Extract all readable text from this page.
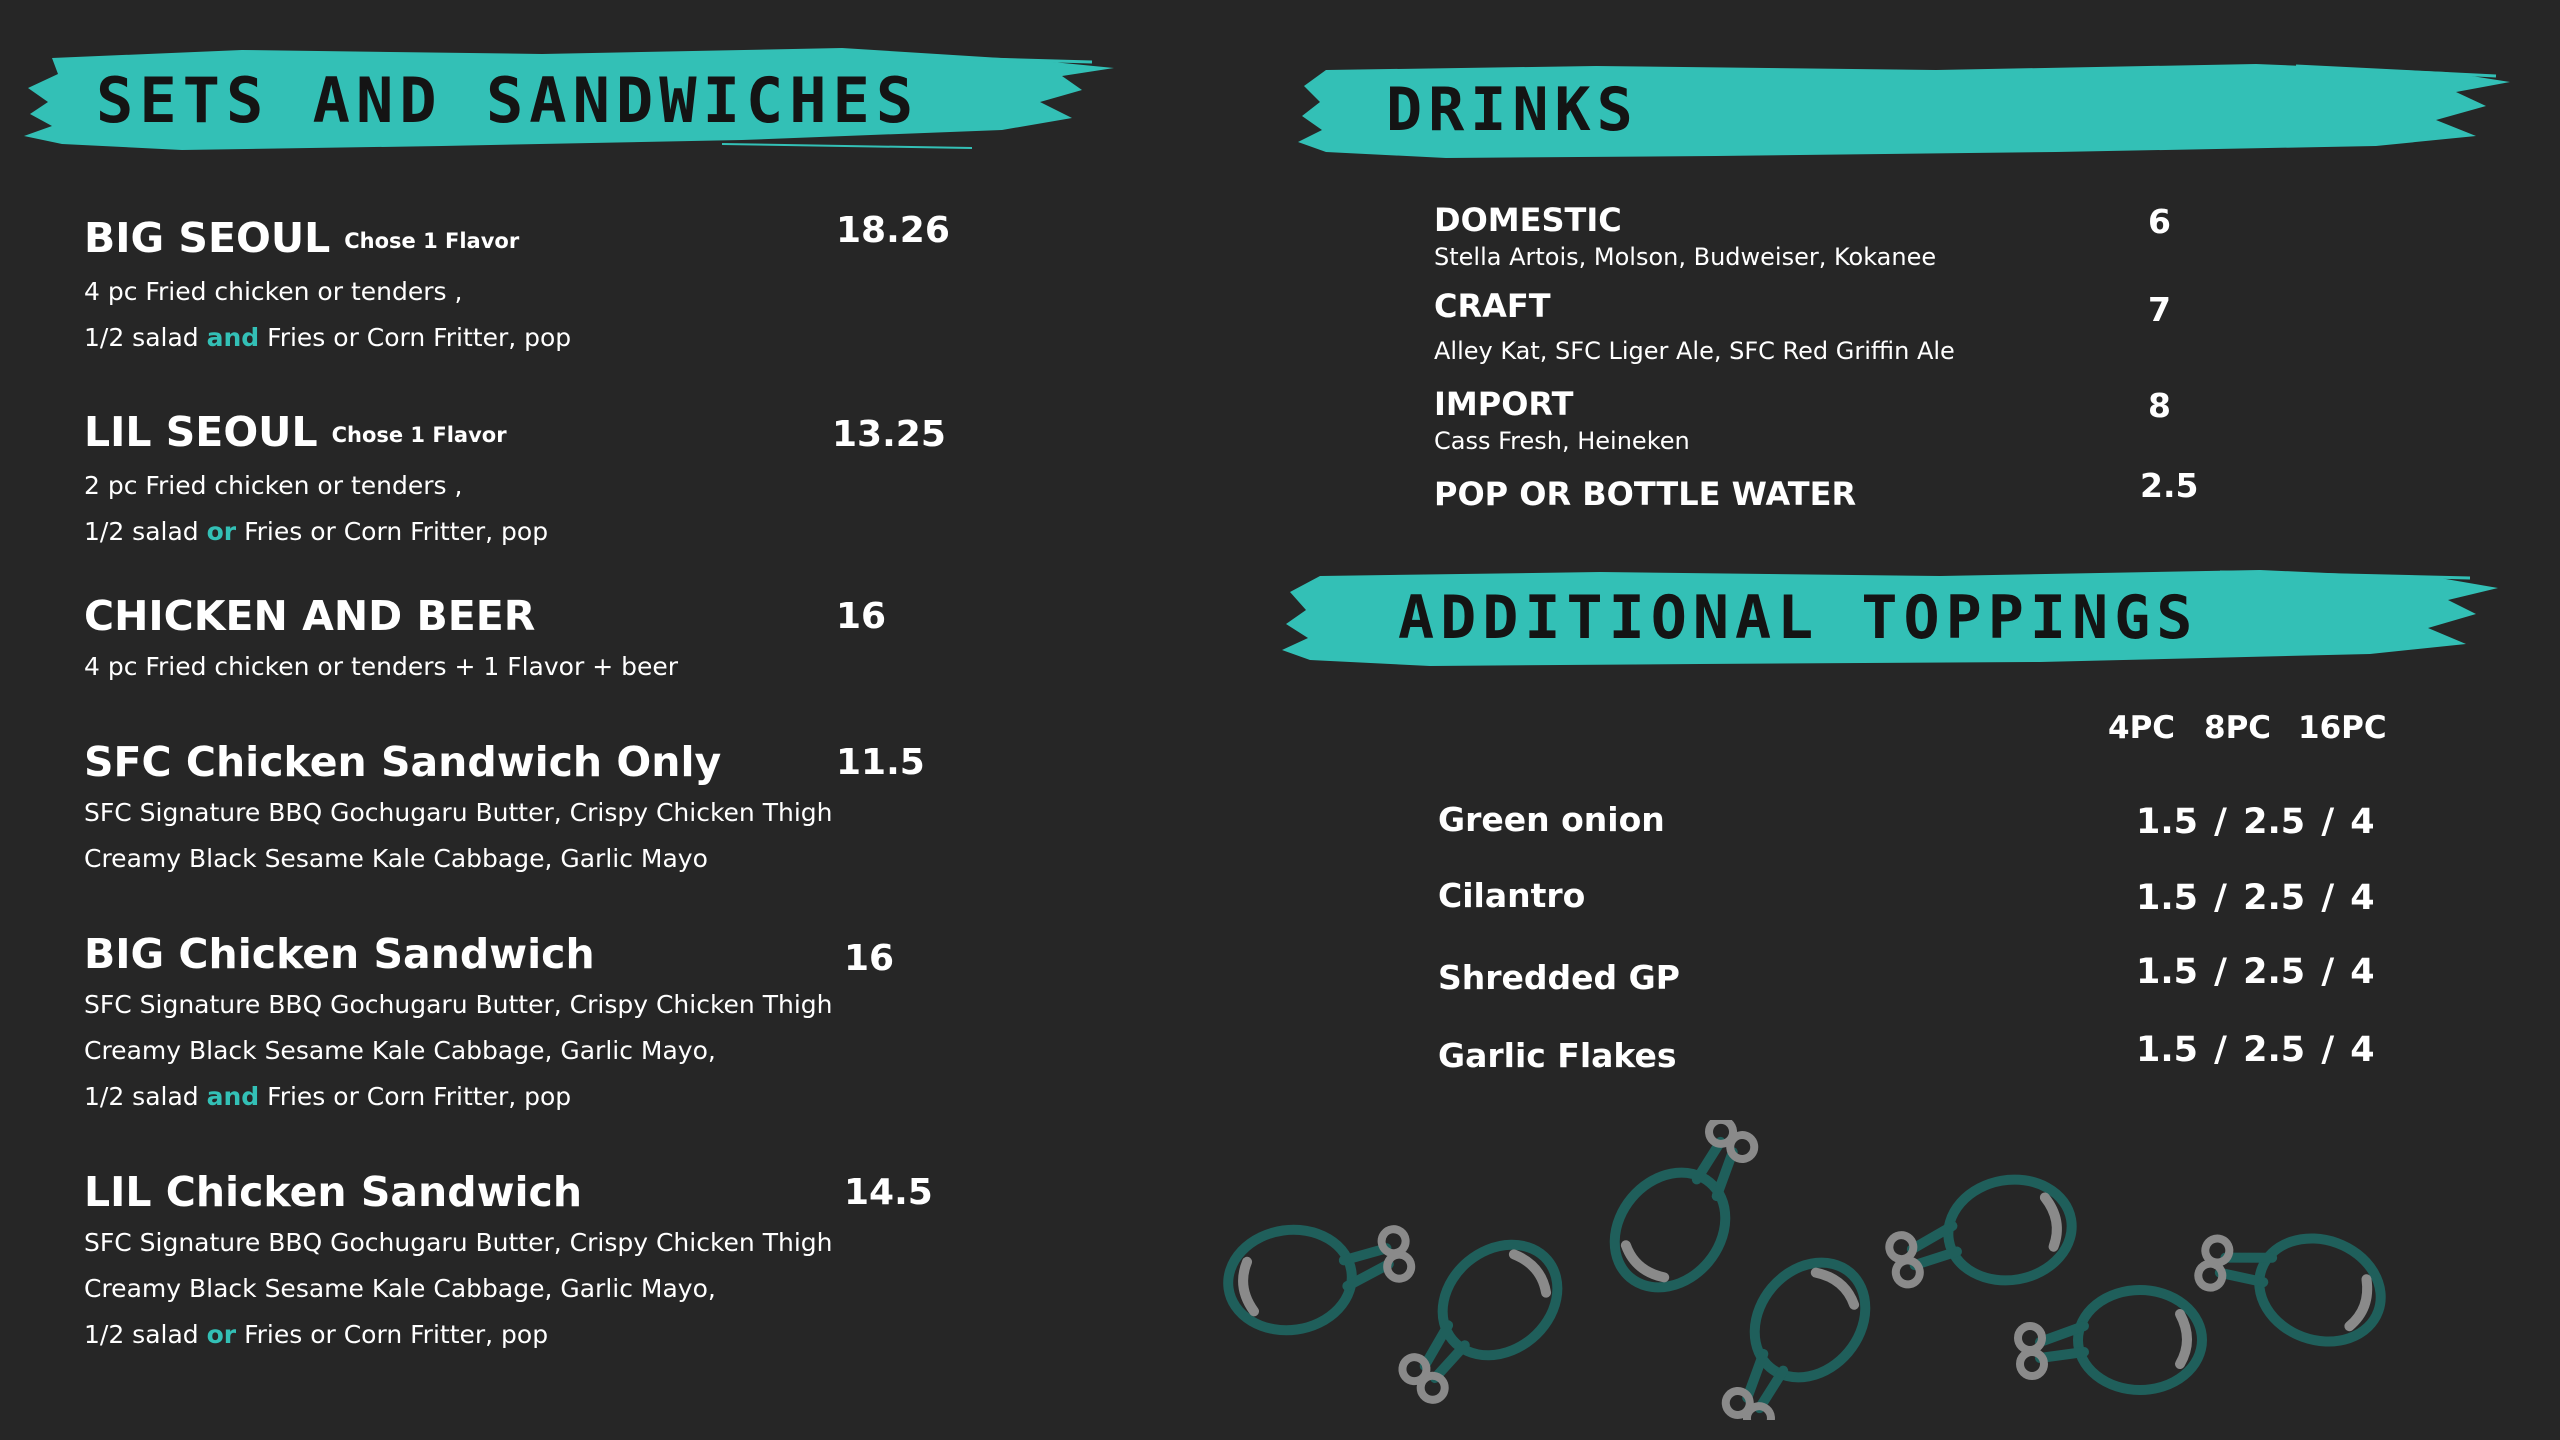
SETS AND SANDWICHES
BIG SEOUL Chose 1 Flavor
4 pc Fried chicken or tenders ,
1/2 salad and Fries or Corn Fritter, pop
18.26
LIL SEOUL Chose 1 Flavor
2 pc Fried chicken or tenders ,
1/2 salad or Fries or Corn Fritter, pop
13.25
CHICKEN AND BEER
4 pc Fried chicken or tenders + 1 Flavor + beer
16
SFC Chicken Sandwich Only
SFC Signature BBQ Gochugaru Butter, Crispy Chicken Thigh
Creamy Black Sesame Kale Cabbage, Garlic Mayo
11.5
BIG Chicken Sandwich
SFC Signature BBQ Gochugaru Butter, Crispy Chicken Thigh
Creamy Black Sesame Kale Cabbage, Garlic Mayo,
1/2 salad and Fries or Corn Fritter, pop
16
LIL Chicken Sandwich
SFC Signature BBQ Gochugaru Butter, Crispy Chicken Thigh
Creamy Black Sesame Kale Cabbage, Garlic Mayo,
1/2 salad or Fries or Corn Fritter, pop
14.5
DRINKS
DOMESTIC
Stella Artois, Molson, Budweiser, Kokanee
6
CRAFT
Alley Kat, SFC Liger Ale, SFC Red Griffin Ale
7
IMPORT
Cass Fresh, Heineken
8
POP OR BOTTLE WATER	2.5
ADDITIONAL TOPPINGS
4PC 8PC 16PC
Green onion	1.5 / 2.5 / 4
Cilantro	1.5 / 2.5 / 4
Shredded GP	1.5 / 2.5 / 4
Garlic Flakes	1.5 / 2.5 / 4
